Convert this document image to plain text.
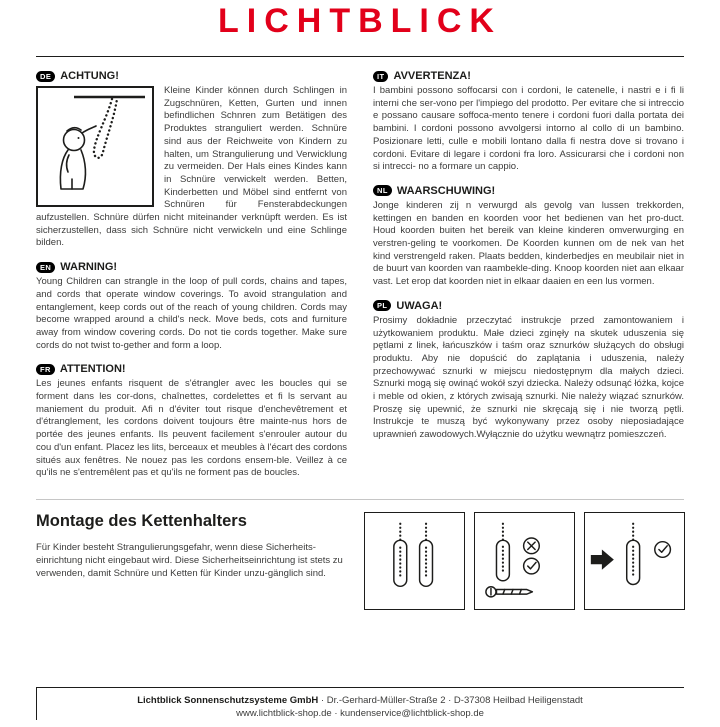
LICHTBLICK
DE ACHTUNG!

Kleine Kinder können durch Schlingen in Zugschnüren, Ketten, Gurten und innen befindlichen Schnren zum Betätigen des Produktes stranguliert werden. Schnüre sind aus der Reichweite von Kindern zu halten, um Strangulierung und Verwicklung zu vermeiden. Der Hals eines Kindes kann in Schnüre verwickelt werden. Betten, Kinderbetten und Möbel sind entfernt von Schnüren für Fensterabdeckungen aufzustellen. Schnüre dürfen nicht miteinander verknüpft werden. Es ist sicherzustellen, dass sich Schnüre nicht verwickeln und eine Schlinge bilden.

EN WARNING!

Young Children can strangle in the loop of pull cords, chains and tapes, and cords that operate window coverings. To avoid strangulation and entanglement, keep cords out of the reach of young children. Cords may become wrapped around a child's neck. Move beds, cots and furniture away from window covering cords. Do not tie cords together. Make sure cords do not twist to-gether and form a loop.

FR ATTENTION!

Les jeunes enfants risquent de s'étrangler avec les boucles qui se forment dans les cor-dons, chaînettes, cordelettes et fi ls servant au maniement du produit. Afi n d'éviter tout risque d'enchevêtrement et d'étranglement, les cordons doivent toujours être mainte-nus hors de portée des jeunes enfants. Ils peuvent facilement s'enrouler autour du cou d'un enfant. Placez les lits, berceaux et meubles à l'écart des cordons situés aux fenêtres. Ne nouez pas les cordons ensem-ble. Veillez à ce qu'ils ne s'entremêlent pas et qu'ils ne forment pas de boucles.

IT AVVERTENZA!

I bambini possono soffocarsi con i cordoni, le catenelle, i nastri e i fi li interni che ser-vono per l'impiego del prodotto. Per evitare che si intreccio e possano causare soffoca-mento tenere i cordoni fuori dalla portata dei bambini. I cordoni possono avvolgersi intorno al collo di un bambino. Posizionare letti, culle e mobili lontano dalla fi nestra dove si trovano i cordoni. Evitare di legare i cordoni fra loro. Assicurarsi che i cordoni non si intrecci- no a formare un cappio.

NL WAARSCHUWING!

Jonge kinderen zij n verwurgd als gevolg van lussen trekkorden, kettingen en banden en koorden voor het bedienen van het pro-duct. Houd koorden buiten het bereik van kleine kinderen omverwurging en verstren-geling te voorkomen. De Koorden kunnen om de nek van het kind verstrengeld raken. Plaats bedden, kinderbedjes en meubilair niet in de buurt van koorden van raambekle-ding. Knoop koorden niet aan elkaar vast. Let erop dat koorden niet in elkaar daaien en een lus vormen.

PL UWAGA!

Prosimy dokładnie przeczytać instrukcje przed zamontowaniem i użytkowaniem produktu. Małe dzieci zginęły na skutek uduszenia się pętlami z linek, łańcuszków i taśm oraz sznurków służących do obsługi produktu. Aby nie dopuścić do zaplątania i uduszenia, należy przechowywać sznurki w miejscu niedostępnym dla małych dzieci. Sznurki mogą się owinąć wokół szyi dziecka. Należy odsunąć łóżka, kojce i meble od okien, z których zwisają sznurki. Nie należy wiązać sznurków. Proszę się upewnić, że sznurki nie skręcają się i nie tworzą pętli. Instrukcje te muszą być wykonywany przez osoby nieposiadające uprawnień zawodowych.Wyłącznie do użytku wewnątrz pomieszczeń.

Montage des Kettenhalters

Für Kinder besteht Strangulierungsgefahr, wenn diese Sicherheits-einrichtung nicht eingebaut wird. Diese Sicherheitseinrichtung ist stets zu verwenden, damit Schnüre und Ketten für Kinder unzu-gänglich sind.

Lichtblick Sonnenschutzsysteme GmbH · Dr.-Gerhard-Müller-Straße 2 · D-37308 Heilbad Heiligenstadt
www.lichtblick-shop.de · kundenservice@lichtblick-shop.de
